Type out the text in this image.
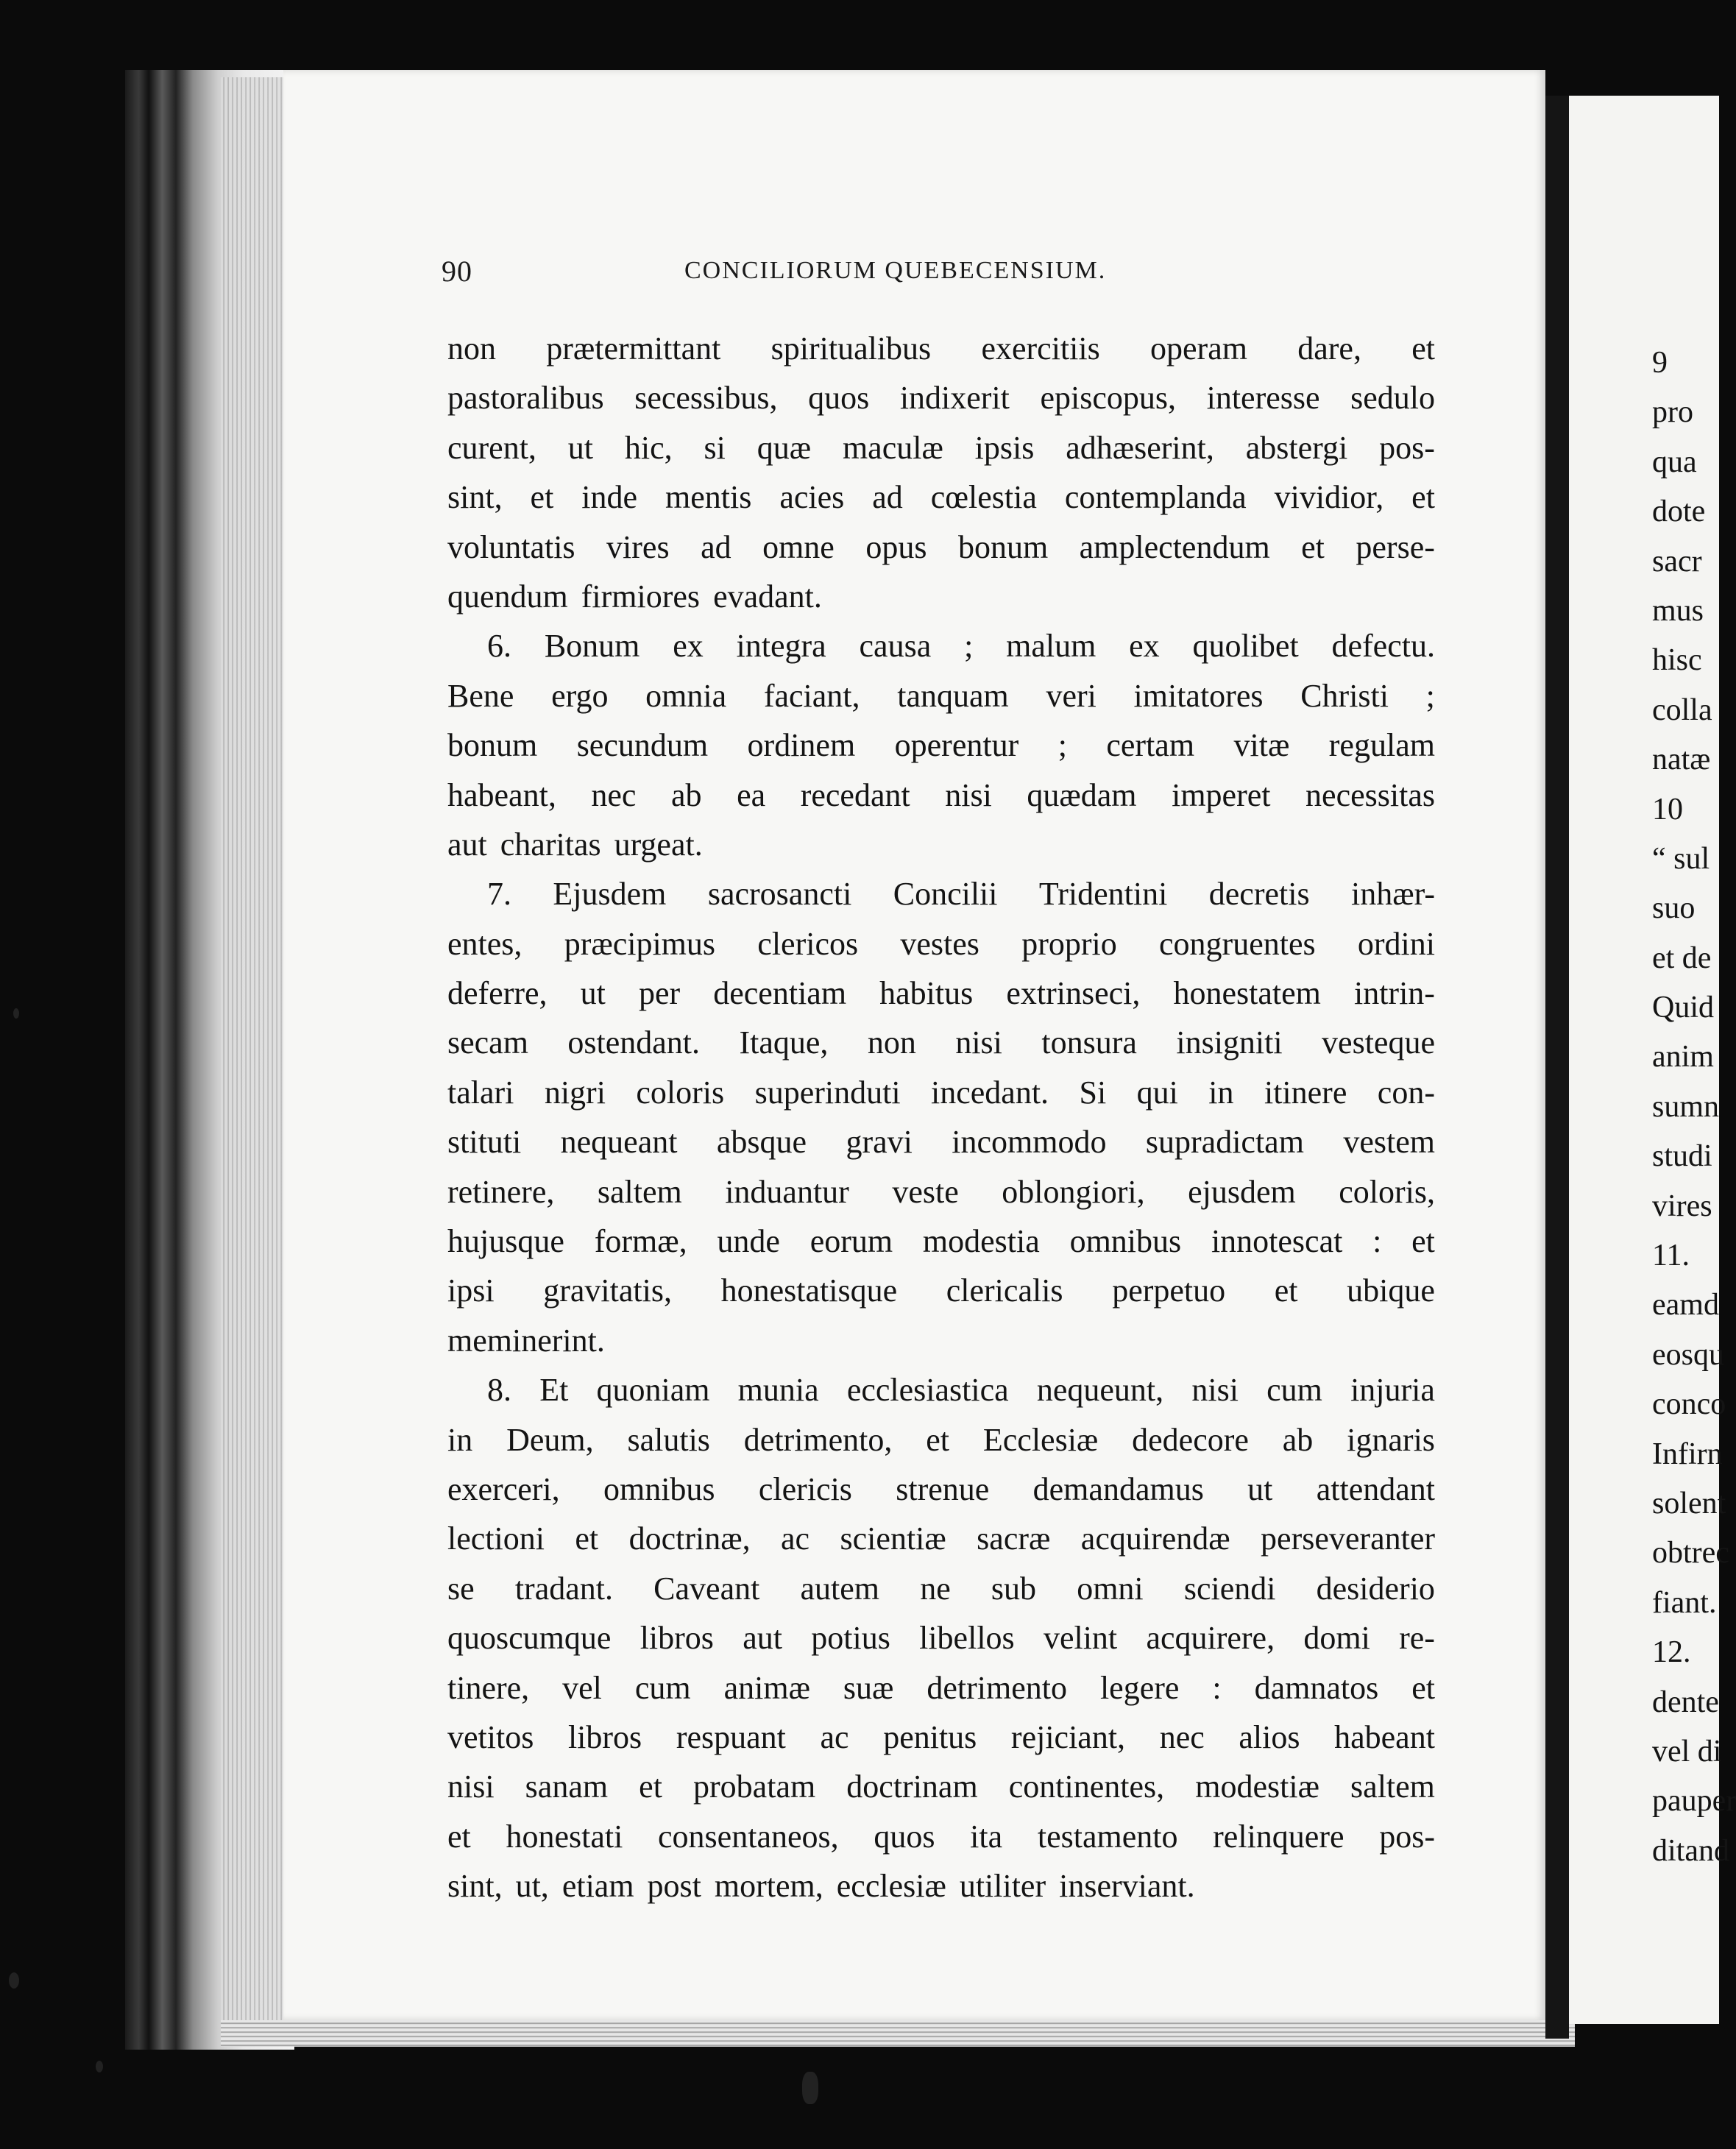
90	CONCILIORUM QUEBECENSIUM.
non prætermittant spiritualibus exercitiis operam dare, et
pastoralibus secessibus, quos indixerit episcopus, interesse sedulo
curent, ut hic, si quæ maculæ ipsis adhæserint, abstergi pos-
sint, et inde mentis acies ad cœlestia contemplanda vividior, et
voluntatis vires ad omne opus bonum amplectendum et perse-
quendum firmiores evadant.
6. Bonum ex integra causa ; malum ex quolibet defectu.
Bene ergo omnia faciant, tanquam veri imitatores Christi ;
bonum secundum ordinem operentur ; certam vitæ regulam
habeant, nec ab ea recedant nisi quædam imperet necessitas
aut charitas urgeat.
7. Ejusdem sacrosancti Concilii Tridentini decretis inhær-
entes, præcipimus clericos vestes proprio congruentes ordini
deferre, ut per decentiam habitus extrinseci, honestatem intrin-
secam ostendant. Itaque, non nisi tonsura insigniti vesteque
talari nigri coloris superinduti incedant. Si qui in itinere con-
stituti nequeant absque gravi incommodo supradictam vestem
retinere, saltem induantur veste oblongiori, ejusdem coloris,
hujusque formæ, unde eorum modestia omnibus innotescat : et
ipsi gravitatis, honestatisque clericalis perpetuo et ubique
meminerint.
8. Et quoniam munia ecclesiastica nequeunt, nisi cum injuria
in Deum, salutis detrimento, et Ecclesiæ dedecore ab ignaris
exerceri, omnibus clericis strenue demandamus ut attendant
lectioni et doctrinæ, ac scientiæ sacræ acquirendæ perseveranter
se tradant. Caveant autem ne sub omni sciendi desiderio
quoscumque libros aut potius libellos velint acquirere, domi re-
tinere, vel cum animæ suæ detrimento legere : damnatos et
vetitos libros respuant ac penitus rejiciant, nec alios habeant
nisi sanam et probatam doctrinam continentes, modestiæ saltem
et honestati consentaneos, quos ita testamento relinquere pos-
sint, ut, etiam post mortem, ecclesiæ utiliter inserviant.
9
pro
qua
dote
sacr
mus
hisc
colla
natæ
10
“ sul
suo
et de
Quid
anim
sumn
studi
vires
11.
eamd
eosqu
conco
Infirn
solent
obtrec
fiant.
12.
dente
vel di
pauper
ditand
